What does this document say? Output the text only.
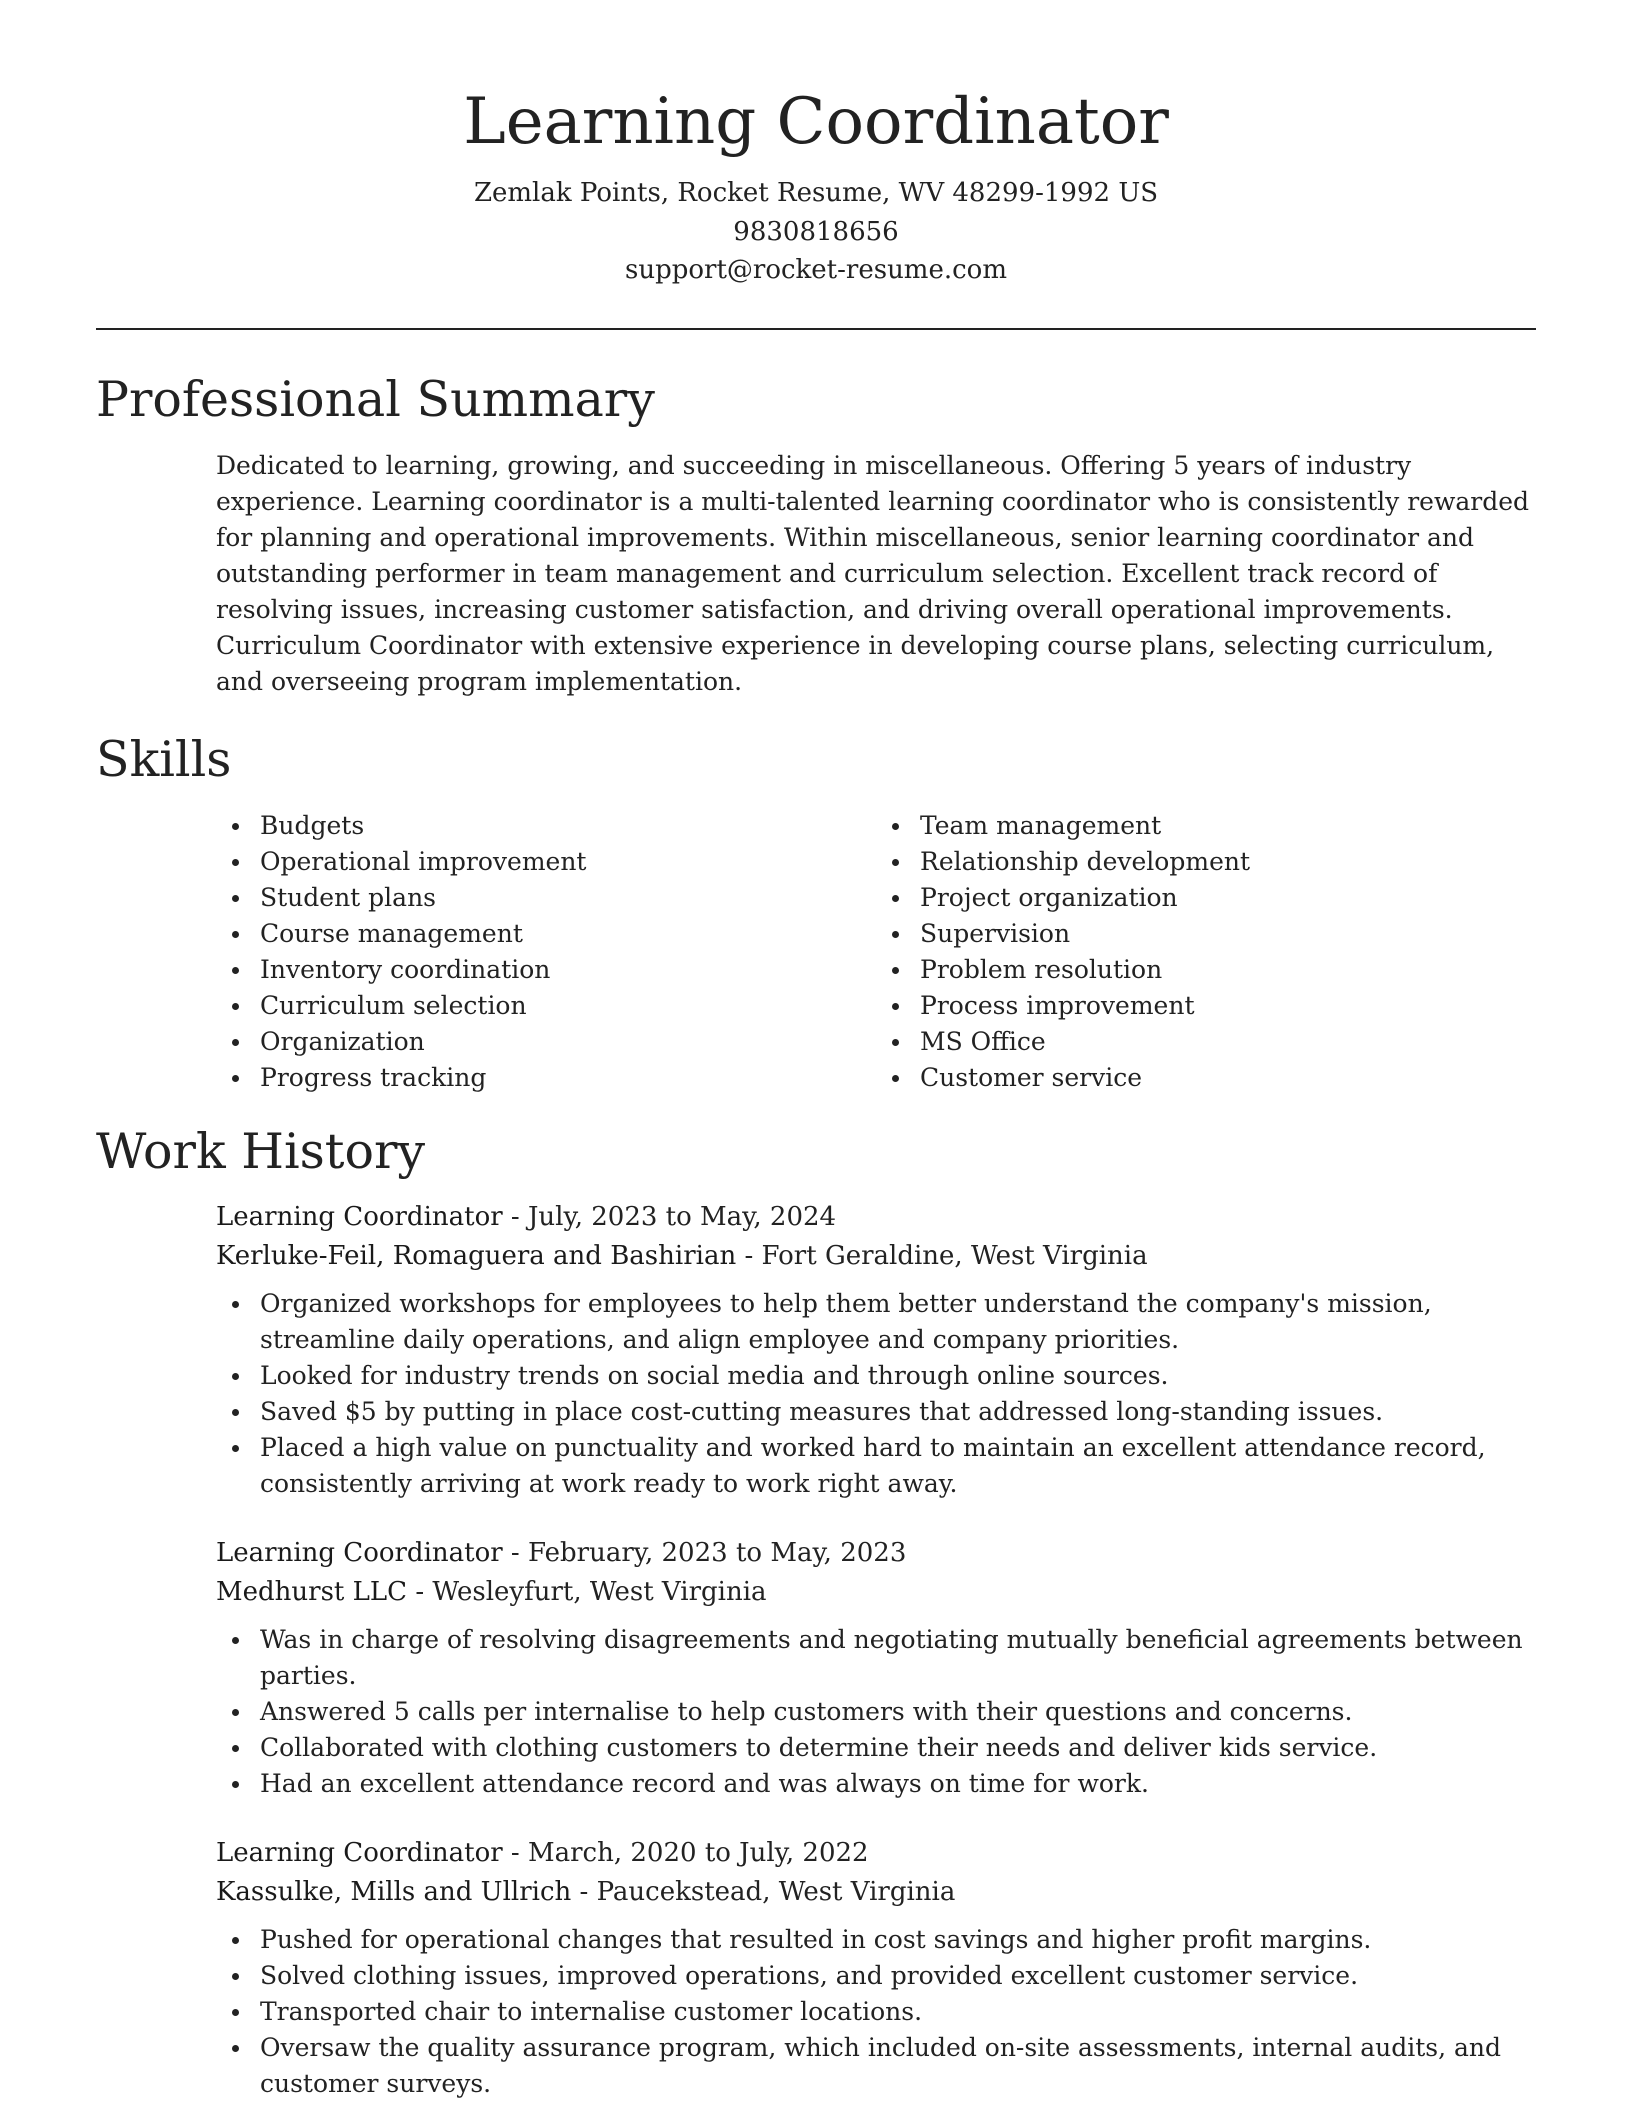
Learning Coordinator
Zemlak Points, Rocket Resume, WV 48299-1992 US
9830818656
support@rocket-resume.com
Professional Summary

Dedicated to learning, growing, and succeeding in miscellaneous. Offering 5 years of industry experience. Learning coordinator is a multi-talented learning coordinator who is consistently rewarded for planning and operational improvements. Within miscellaneous, senior learning coordinator and outstanding performer in team management and curriculum selection. Excellent track record of resolving issues, increasing customer satisfaction, and driving overall operational improvements. Curriculum Coordinator with extensive experience in developing course plans, selecting curriculum, and overseeing program implementation.

Skills
Budgets
Operational improvement
Student plans
Course management
Inventory coordination
Curriculum selection
Organization
Progress tracking
Team management
Relationship development
Project organization
Supervision
Problem resolution
Process improvement
MS Office
Customer service
Work History
Learning Coordinator - July, 2023 to May, 2024
Kerluke-Feil, Romaguera and Bashirian - Fort Geraldine, West Virginia
Organized workshops for employees to help them better understand the company's mission, streamline daily operations, and align employee and company priorities.
Looked for industry trends on social media and through online sources.
Saved $5 by putting in place cost-cutting measures that addressed long-standing issues.
Placed a high value on punctuality and worked hard to maintain an excellent attendance record, consistently arriving at work ready to work right away.
Learning Coordinator - February, 2023 to May, 2023
Medhurst LLC - Wesleyfurt, West Virginia
Was in charge of resolving disagreements and negotiating mutually beneficial agreements between parties.
Answered 5 calls per internalise to help customers with their questions and concerns.
Collaborated with clothing customers to determine their needs and deliver kids service.
Had an excellent attendance record and was always on time for work.
Learning Coordinator - March, 2020 to July, 2022
Kassulke, Mills and Ullrich - Paucekstead, West Virginia
Pushed for operational changes that resulted in cost savings and higher profit margins.
Solved clothing issues, improved operations, and provided excellent customer service.
Transported chair to internalise customer locations.
Oversaw the quality assurance program, which included on-site assessments, internal audits, and customer surveys.
